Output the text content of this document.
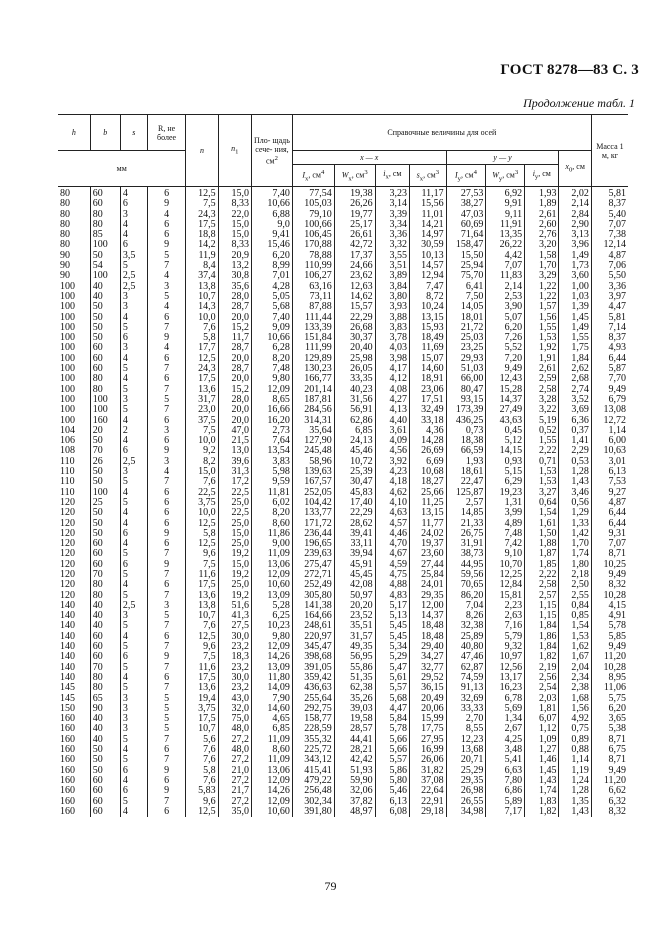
ГОСТ 8278—83 С. 3
Продолжение табл. 1
h	b	s	R, не более	n	$n_1$	Пло- щадь сече- ния, $см^2$	Справочные величины для осей								Масса 1 м, кг
мм							x — x				y — y			$x_0$, см	
							$I_x$, $см^4$	$W_x$, $см^3$	$i_x$, см	$s_x$, $см^3$	$I_y$, $см^4$	$W_y$, $см^3$	$i_y$, см		
80	60	4	6	12,5	15,0	7,40	77,54	19,38	3,23	11,17	27,53	6,92	1,93	2,02	5,81
80	60	6	9	7,5	8,33	10,66	105,03	26,26	3,14	15,56	38,27	9,91	1,89	2,14	8,37
80	80	3	4	24,3	22,0	6,88	79,10	19,77	3,39	11,01	47,03	9,11	2,61	2,84	5,40
80	80	4	6	17,5	15,0	9,0	100,66	25,17	3,34	14,21	60,69	11,91	2,60	2,90	7,07
80	85	4	6	18,8	15,0	9,41	106,45	26,61	3,36	14,97	71,64	13,35	2,76	3,13	7,38
80	100	6	9	14,2	8,33	15,46	170,88	42,72	3,32	30,59	158,47	26,22	3,20	3,96	12,14
90	50	3,5	5	11,9	20,9	6,20	78,88	17,37	3,55	10,13	15,50	4,42	1,58	1,49	4,87
90	54	5	7	8,4	13,2	8,99	110,99	24,66	3,51	14,57	25,94	7,07	1,70	1,73	7,06
90	100	2,5	4	37,4	30,8	7,01	106,27	23,62	3,89	12,94	75,70	11,83	3,29	3,60	5,50
100	40	2,5	3	13,8	35,6	4,28	63,16	12,63	3,84	7,47	6,41	2,14	1,22	1,00	3,36
100	40	3	5	10,7	28,0	5,05	73,11	14,62	3,80	8,72	7,50	2,53	1,22	1,03	3,97
100	50	3	4	14,3	28,7	5,68	87,88	15,57	3,93	10,24	14,05	3,90	1,57	1,39	4,47
100	50	4	6	10,0	20,0	7,40	111,44	22,29	3,88	13,15	18,01	5,07	1,56	1,45	5,81
100	50	5	7	7,6	15,2	9,09	133,39	26,68	3,83	15,93	21,72	6,20	1,55	1,49	7,14
100	50	6	9	5,8	11,7	10,66	151,84	30,37	3,78	18,49	25,03	7,26	1,53	1,55	8,37
100	60	3	4	17,7	28,7	6,28	111,99	20,40	4,03	11,69	23,25	5,52	1,92	1,75	4,93
100	60	4	6	12,5	20,0	8,20	129,89	25,98	3,98	15,07	29,93	7,20	1,91	1,84	6,44
100	60	5	7	24,3	28,7	7,48	130,23	26,05	4,17	14,60	51,03	9,49	2,61	2,62	5,87
100	80	4	6	17,5	20,0	9,80	166,77	33,35	4,12	18,91	66,00	12,43	2,59	2,68	7,70
100	80	5	7	13,6	15,2	12,09	201,14	40,23	4,08	23,06	80,47	15,28	2,58	2,74	9,49
100	100	3	5	31,7	28,0	8,65	187,81	31,56	4,27	17,51	93,15	14,37	3,28	3,52	6,79
100	100	5	7	23,0	20,0	16,66	284,56	56,91	4,13	32,49	173,39	27,49	3,22	3,69	13,08
100	160	4	6	37,5	20,0	16,20	314,31	62,86	4,40	33,18	436,25	43,63	5,19	6,36	12,72
104	20	2	3	7,5	47,0	2,73	35,64	6,85	3,61	4,36	0,73	0,45	0,52	0,37	1,14
106	50	4	6	10,0	21,5	7,64	127,90	24,13	4,09	14,28	18,38	5,12	1,55	1,41	6,00
108	70	6	9	9,2	13,0	13,54	245,48	45,46	4,56	26,69	66,59	14,15	2,22	2,29	10,63
110	26	2,5	3	8,2	39,6	3,83	58,96	10,72	3,92	6,69	1,93	0,93	0,71	0,53	3,01
110	50	3	4	15,0	31,3	5,98	139,63	25,39	4,23	10,68	18,61	5,15	1,53	1,28	6,13
110	50	5	7	7,6	17,2	9,59	167,57	30,47	4,18	18,27	22,47	6,29	1,53	1,43	7,53
110	100	4	6	22,5	22,5	11,81	252,05	45,83	4,62	25,66	125,87	19,23	3,27	3,46	9,27
120	25	5	6	3,75	25,0	6,02	104,42	17,40	4,10	11,25	2,57	1,31	0,64	0,56	4,87
120	50	4	6	10,0	22,5	8,20	133,77	22,29	4,63	13,15	14,85	3,99	1,54	1,29	6,44
120	50	4	6	12,5	25,0	8,60	171,72	28,62	4,57	11,77	21,33	4,89	1,61	1,33	6,44
120	50	6	9	5,8	15,0	11,86	236,44	39,41	4,46	24,02	26,75	7,48	1,50	1,42	9,31
120	60	4	6	12,5	25,0	9,00	196,65	33,11	4,70	19,37	31,91	7,42	1,88	1,70	7,07
120	60	5	7	9,6	19,2	11,09	239,63	39,94	4,67	23,60	38,73	9,10	1,87	1,74	8,71
120	60	6	9	7,5	15,0	13,06	275,47	45,91	4,59	27,44	44,95	10,70	1,85	1,80	10,25
120	70	5	7	11,6	19,2	12,09	272,71	45,45	4,75	25,84	59,56	12,25	2,22	2,18	9,49
120	80	4	6	17,5	25,0	10,60	252,49	42,08	4,88	24,01	70,65	12,84	2,58	2,50	8,32
120	80	5	7	13,6	19,2	13,09	305,80	50,97	4,83	29,35	86,20	15,81	2,57	2,55	10,28
140	40	2,5	3	13,8	51,6	5,28	141,38	20,20	5,17	12,00	7,04	2,23	1,15	0,84	4,15
140	40	3	5	10,7	41,3	6,25	164,66	23,52	5,13	14,37	8,26	2,63	1,15	0,85	4,91
140	40	5	7	7,6	27,5	10,23	248,61	35,51	5,45	18,48	32,38	7,16	1,84	1,54	5,78
140	60	4	6	12,5	30,0	9,80	220,97	31,57	5,45	18,48	25,89	5,79	1,86	1,53	5,85
140	60	5	7	9,6	23,2	12,09	345,47	49,35	5,34	29,40	40,80	9,32	1,84	1,62	9,49
140	60	6	9	7,5	18,3	14,26	398,68	56,95	5,29	34,27	47,46	10,97	1,82	1,67	11,20
140	70	5	7	11,6	23,2	13,09	391,05	55,86	5,47	32,77	62,87	12,56	2,19	2,04	10,28
140	80	4	6	17,5	30,0	11,80	359,42	51,35	5,61	29,52	74,59	13,17	2,56	2,34	8,95
145	80	5	7	13,6	23,2	14,09	436,63	62,38	5,57	36,15	91,13	16,23	2,54	2,38	11,06
145	65	3	5	19,4	43,0	7,90	255,64	35,26	5,68	20,49	32,69	6,78	2,03	1,68	5,75
150	90	3	5	3,75	32,0	14,60	292,75	39,03	4,47	20,06	33,33	5,69	1,81	1,56	6,20
160	40	3	5	17,5	75,0	4,65	158,77	19,58	5,84	15,99	2,70	1,34	6,07	4,92	3,65
160	40	3	5	10,7	48,0	6,85	228,59	28,57	5,78	17,75	8,55	2,67	1,12	0,75	5,38
160	40	5	7	5,6	27,2	11,09	355,32	44,41	5,66	27,95	12,23	4,25	1,09	0,89	8,71
160	50	4	6	7,6	48,0	8,60	225,72	28,21	5,66	16,99	13,68	3,48	1,27	0,88	6,75
160	50	5	7	7,6	27,2	11,09	343,12	42,42	5,57	26,06	20,71	5,41	1,46	1,14	8,71
160	50	6	9	5,8	21,0	13,06	415,41	51,93	5,86	31,82	25,29	6,63	1,45	1,19	9,49
160	60	4	6	7,6	27,2	12,09	479,22	59,90	5,80	37,08	29,35	7,80	1,43	1,24	11,20
160	60	6	9	5,83	21,7	14,26	256,48	32,06	5,46	22,64	26,98	6,86	1,74	1,28	6,62
160	60	5	7	9,6	27,2	12,09	302,34	37,82	6,13	22,91	26,55	5,89	1,83	1,35	6,32
160	60	4	6	12,5	35,0	10,60	391,80	48,97	6,08	29,18	34,98	7,17	1,82	1,43	8,32
79
